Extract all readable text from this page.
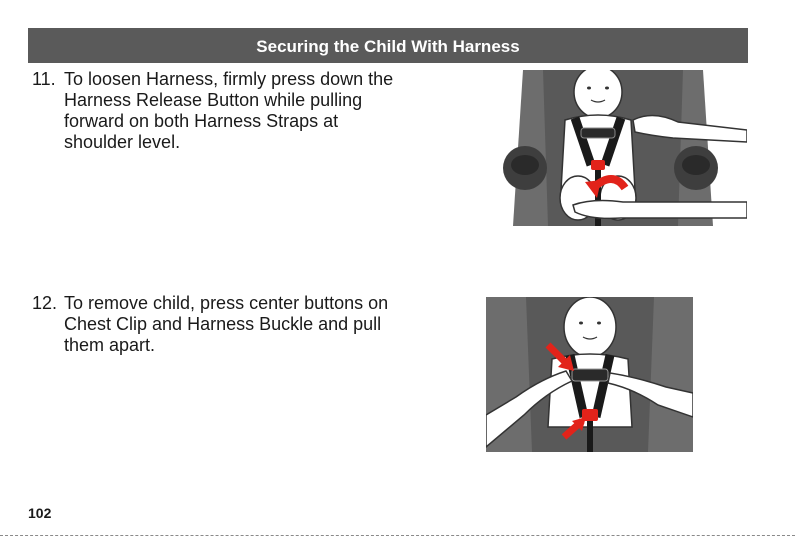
Securing the Child With Harness
11. To loosen Harness, firmly press down the Harness Release Button while pulling forward on both Harness Straps at shoulder level.
12. To remove child, press center buttons on Chest Clip and Harness Buckle and pull them apart.
102
